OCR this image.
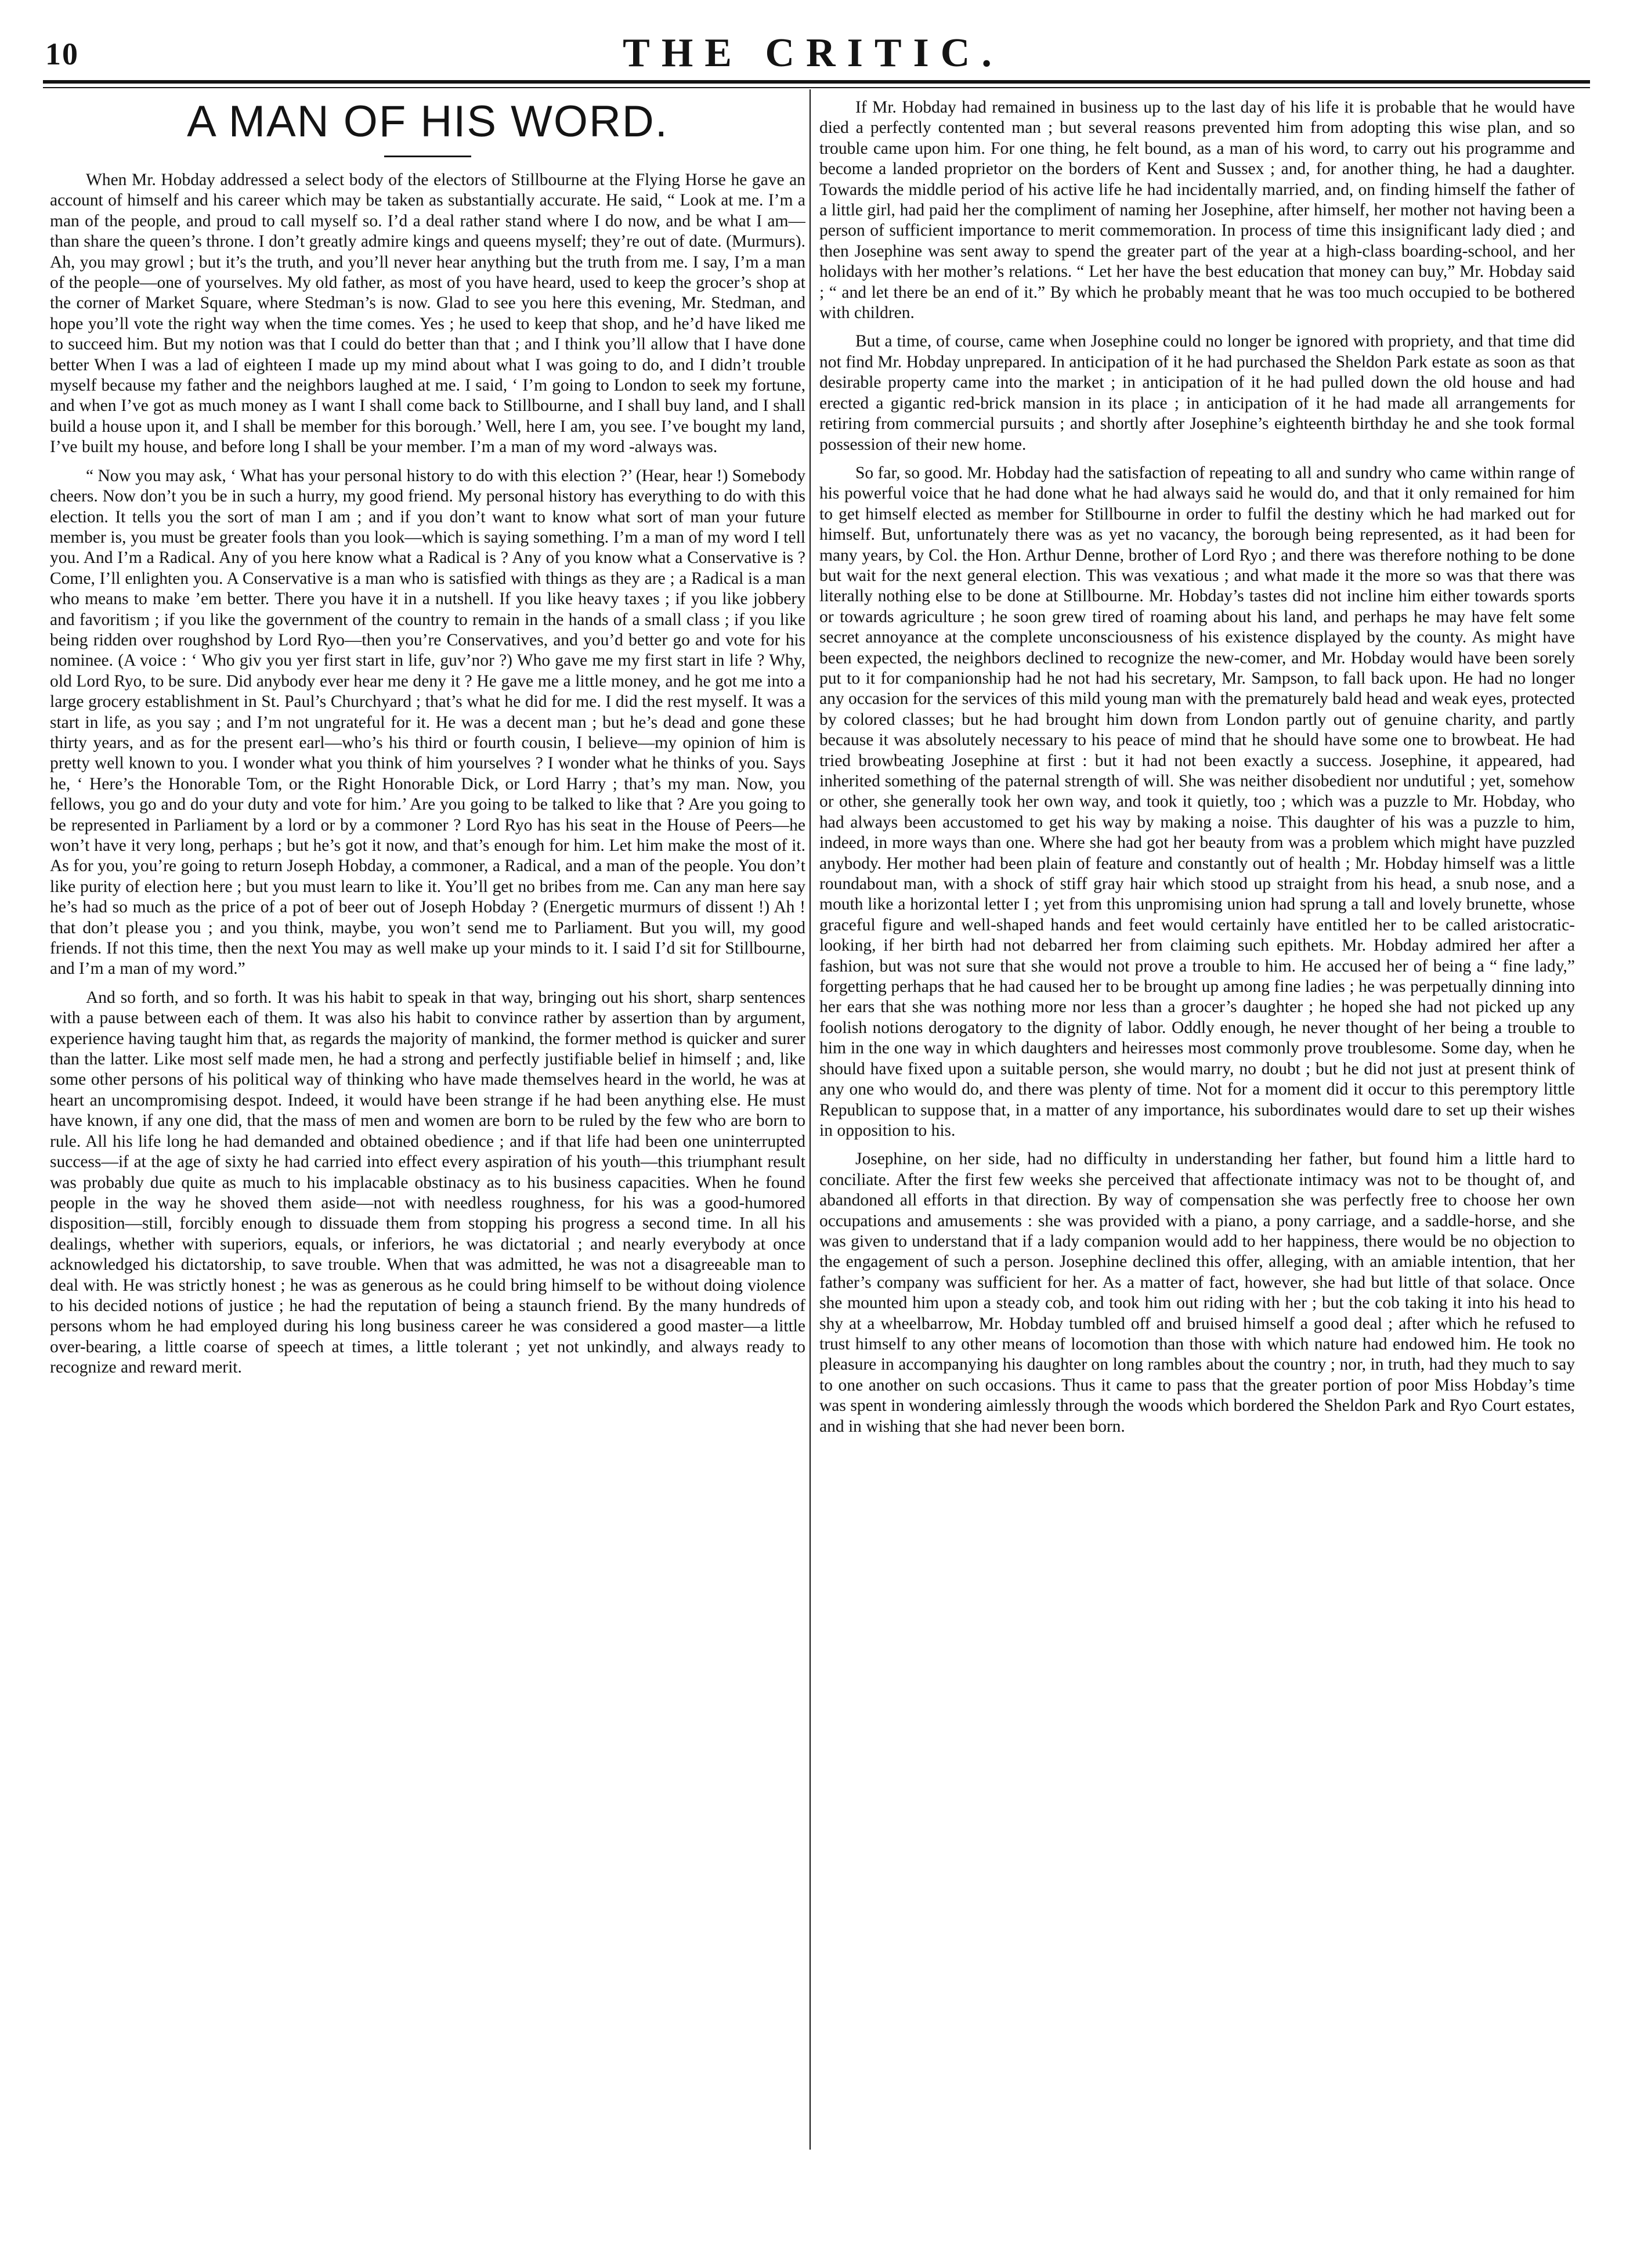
10	THE CRITIC.
A MAN OF HIS WORD.

When Mr. Hobday addressed a select body of the electors of Stillbourne at the Flying Horse he gave an account of himself and his career which may be taken as substantially accurate. He said, “ Look at me. I’m a man of the people, and proud to call myself so. I’d a deal rather stand where I do now, and be what I am—than share the queen’s throne. I don’t greatly admire kings and queens myself; they’re out of date. (Murmurs). Ah, you may growl ; but it’s the truth, and you’ll never hear anything but the truth from me. I say, I’m a man of the people—one of yourselves. My old father, as most of you have heard, used to keep the grocer’s shop at the corner of Market Square, where Stedman’s is now. Glad to see you here this evening, Mr. Stedman, and hope you’ll vote the right way when the time comes. Yes ; he used to keep that shop, and he’d have liked me to succeed him. But my notion was that I could do better than that ; and I think you’ll allow that I have done better When I was a lad of eighteen I made up my mind about what I was going to do, and I didn’t trouble myself because my father and the neighbors laughed at me. I said, ‘ I’m going to London to seek my fortune, and when I’ve got as much money as I want I shall come back to Stillbourne, and I shall buy land, and I shall build a house upon it, and I shall be member for this borough.’ Well, here I am, you see. I’ve bought my land, I’ve built my house, and before long I shall be your member. I’m a man of my word -always was.

“ Now you may ask, ‘ What has your personal history to do with this election ?’ (Hear, hear !) Somebody cheers. Now don’t you be in such a hurry, my good friend. My personal history has everything to do with this election. It tells you the sort of man I am ; and if you don’t want to know what sort of man your future member is, you must be greater fools than you look—which is saying something. I’m a man of my word I tell you. And I’m a Radical. Any of you here know what a Radical is ? Any of you know what a Conservative is ? Come, I’ll enlighten you. A Conservative is a man who is satisfied with things as they are ; a Radical is a man who means to make ’em better. There you have it in a nutshell. If you like heavy taxes ; if you like jobbery and favoritism ; if you like the government of the country to remain in the hands of a small class ; if you like being ridden over roughshod by Lord Ryo—then you’re Conservatives, and you’d better go and vote for his nominee. (A voice : ‘ Who giv you yer first start in life, guv’nor ?) Who gave me my first start in life ? Why, old Lord Ryo, to be sure. Did anybody ever hear me deny it ? He gave me a little money, and he got me into a large grocery establishment in St. Paul’s Churchyard ; that’s what he did for me. I did the rest myself. It was a start in life, as you say ; and I’m not ungrateful for it. He was a decent man ; but he’s dead and gone these thirty years, and as for the present earl—who’s his third or fourth cousin, I believe—my opinion of him is pretty well known to you. I wonder what you think of him yourselves ? I wonder what he thinks of you. Says he, ‘ Here’s the Honorable Tom, or the Right Honorable Dick, or Lord Harry ; that’s my man. Now, you fellows, you go and do your duty and vote for him.’ Are you going to be talked to like that ? Are you going to be represented in Parliament by a lord or by a commoner ? Lord Ryo has his seat in the House of Peers—he won’t have it very long, perhaps ; but he’s got it now, and that’s enough for him. Let him make the most of it. As for you, you’re going to return Joseph Hobday, a commoner, a Radical, and a man of the people. You don’t like purity of election here ; but you must learn to like it. You’ll get no bribes from me. Can any man here say he’s had so much as the price of a pot of beer out of Joseph Hobday ? (Energetic murmurs of dissent !) Ah ! that don’t please you ; and you think, maybe, you won’t send me to Parliament. But you will, my good friends. If not this time, then the next You may as well make up your minds to it. I said I’d sit for Stillbourne, and I’m a man of my word.”

And so forth, and so forth. It was his habit to speak in that way, bringing out his short, sharp sentences with a pause between each of them. It was also his habit to convince rather by assertion than by argument, experience having taught him that, as regards the majority of mankind, the former method is quicker and surer than the latter. Like most self made men, he had a strong and perfectly justifiable belief in himself ; and, like some other persons of his political way of thinking who have made themselves heard in the world, he was at heart an uncompromising despot. Indeed, it would have been strange if he had been anything else. He must have known, if any one did, that the mass of men and women are born to be ruled by the few who are born to rule. All his life long he had demanded and obtained obedience ; and if that life had been one uninterrupted success—if at the age of sixty he had carried into effect every aspiration of his youth—this triumphant result was probably due quite as much to his implacable obstinacy as to his business capacities. When he found people in the way he shoved them aside—not with needless roughness, for his was a good-humored disposition—still, forcibly enough to dissuade them from stopping his progress a second time. In all his dealings, whether with superiors, equals, or inferiors, he was dictatorial ; and nearly everybody at once acknowledged his dictatorship, to save trouble. When that was admitted, he was not a disagreeable man to deal with. He was strictly honest ; he was as generous as he could bring himself to be without doing violence to his decided notions of justice ; he had the reputation of being a staunch friend. By the many hundreds of persons whom he had employed during his long business career he was considered a good master—a little over-bearing, a little coarse of speech at times, a little tolerant ; yet not unkindly, and always ready to recognize and reward merit.

If Mr. Hobday had remained in business up to the last day of his life it is probable that he would have died a perfectly contented man ; but several reasons prevented him from adopting this wise plan, and so trouble came upon him. For one thing, he felt bound, as a man of his word, to carry out his programme and become a landed proprietor on the borders of Kent and Sussex ; and, for another thing, he had a daughter. Towards the middle period of his active life he had incidentally married, and, on finding himself the father of a little girl, had paid her the compliment of naming her Josephine, after himself, her mother not having been a person of sufficient importance to merit commemoration. In process of time this insignificant lady died ; and then Josephine was sent away to spend the greater part of the year at a high-class boarding-school, and her holidays with her mother’s relations. “ Let her have the best education that money can buy,” Mr. Hobday said ; “ and let there be an end of it.” By which he probably meant that he was too much occupied to be bothered with children.

But a time, of course, came when Josephine could no longer be ignored with propriety, and that time did not find Mr. Hobday unprepared. In anticipation of it he had purchased the Sheldon Park estate as soon as that desirable property came into the market ; in anticipation of it he had pulled down the old house and had erected a gigantic red-brick mansion in its place ; in anticipation of it he had made all arrangements for retiring from commercial pursuits ; and shortly after Josephine’s eighteenth birthday he and she took formal possession of their new home.

So far, so good. Mr. Hobday had the satisfaction of repeating to all and sundry who came within range of his powerful voice that he had done what he had always said he would do, and that it only remained for him to get himself elected as member for Stillbourne in order to fulfil the destiny which he had marked out for himself. But, unfortunately there was as yet no vacancy, the borough being represented, as it had been for many years, by Col. the Hon. Arthur Denne, brother of Lord Ryo ; and there was therefore nothing to be done but wait for the next general election. This was vexatious ; and what made it the more so was that there was literally nothing else to be done at Stillbourne. Mr. Hobday’s tastes did not incline him either towards sports or towards agriculture ; he soon grew tired of roaming about his land, and perhaps he may have felt some secret annoyance at the complete unconsciousness of his existence displayed by the county. As might have been expected, the neighbors declined to recognize the new-comer, and Mr. Hobday would have been sorely put to it for companionship had he not had his secretary, Mr. Sampson, to fall back upon. He had no longer any occasion for the services of this mild young man with the prematurely bald head and weak eyes, protected by colored classes; but he had brought him down from London partly out of genuine charity, and partly because it was absolutely necessary to his peace of mind that he should have some one to browbeat. He had tried browbeating Josephine at first : but it had not been exactly a success. Josephine, it appeared, had inherited something of the paternal strength of will. She was neither disobedient nor undutiful ; yet, somehow or other, she generally took her own way, and took it quietly, too ; which was a puzzle to Mr. Hobday, who had always been accustomed to get his way by making a noise. This daughter of his was a puzzle to him, indeed, in more ways than one. Where she had got her beauty from was a problem which might have puzzled anybody. Her mother had been plain of feature and constantly out of health ; Mr. Hobday himself was a little roundabout man, with a shock of stiff gray hair which stood up straight from his head, a snub nose, and a mouth like a horizontal letter I ; yet from this unpromising union had sprung a tall and lovely brunette, whose graceful figure and well-shaped hands and feet would certainly have entitled her to be called aristocratic-looking, if her birth had not debarred her from claiming such epithets. Mr. Hobday admired her after a fashion, but was not sure that she would not prove a trouble to him. He accused her of being a “ fine lady,” forgetting perhaps that he had caused her to be brought up among fine ladies ; he was perpetually dinning into her ears that she was nothing more nor less than a grocer’s daughter ; he hoped she had not picked up any foolish notions derogatory to the dignity of labor. Oddly enough, he never thought of her being a trouble to him in the one way in which daughters and heiresses most commonly prove troublesome. Some day, when he should have fixed upon a suitable person, she would marry, no doubt ; but he did not just at present think of any one who would do, and there was plenty of time. Not for a moment did it occur to this peremptory little Republican to suppose that, in a matter of any importance, his subordinates would dare to set up their wishes in opposition to his.

Josephine, on her side, had no difficulty in understanding her father, but found him a little hard to conciliate. After the first few weeks she perceived that affectionate intimacy was not to be thought of, and abandoned all efforts in that direction. By way of compensation she was perfectly free to choose her own occupations and amusements : she was provided with a piano, a pony carriage, and a saddle-horse, and she was given to understand that if a lady companion would add to her happiness, there would be no objection to the engagement of such a person. Josephine declined this offer, alleging, with an amiable intention, that her father’s company was sufficient for her. As a matter of fact, however, she had but little of that solace. Once she mounted him upon a steady cob, and took him out riding with her ; but the cob taking it into his head to shy at a wheelbarrow, Mr. Hobday tumbled off and bruised himself a good deal ; after which he refused to trust himself to any other means of locomotion than those with which nature had endowed him. He took no pleasure in accompanying his daughter on long rambles about the country ; nor, in truth, had they much to say to one another on such occasions. Thus it came to pass that the greater portion of poor Miss Hobday’s time was spent in wondering aimlessly through the woods which bordered the Sheldon Park and Ryo Court estates, and in wishing that she had never been born.
